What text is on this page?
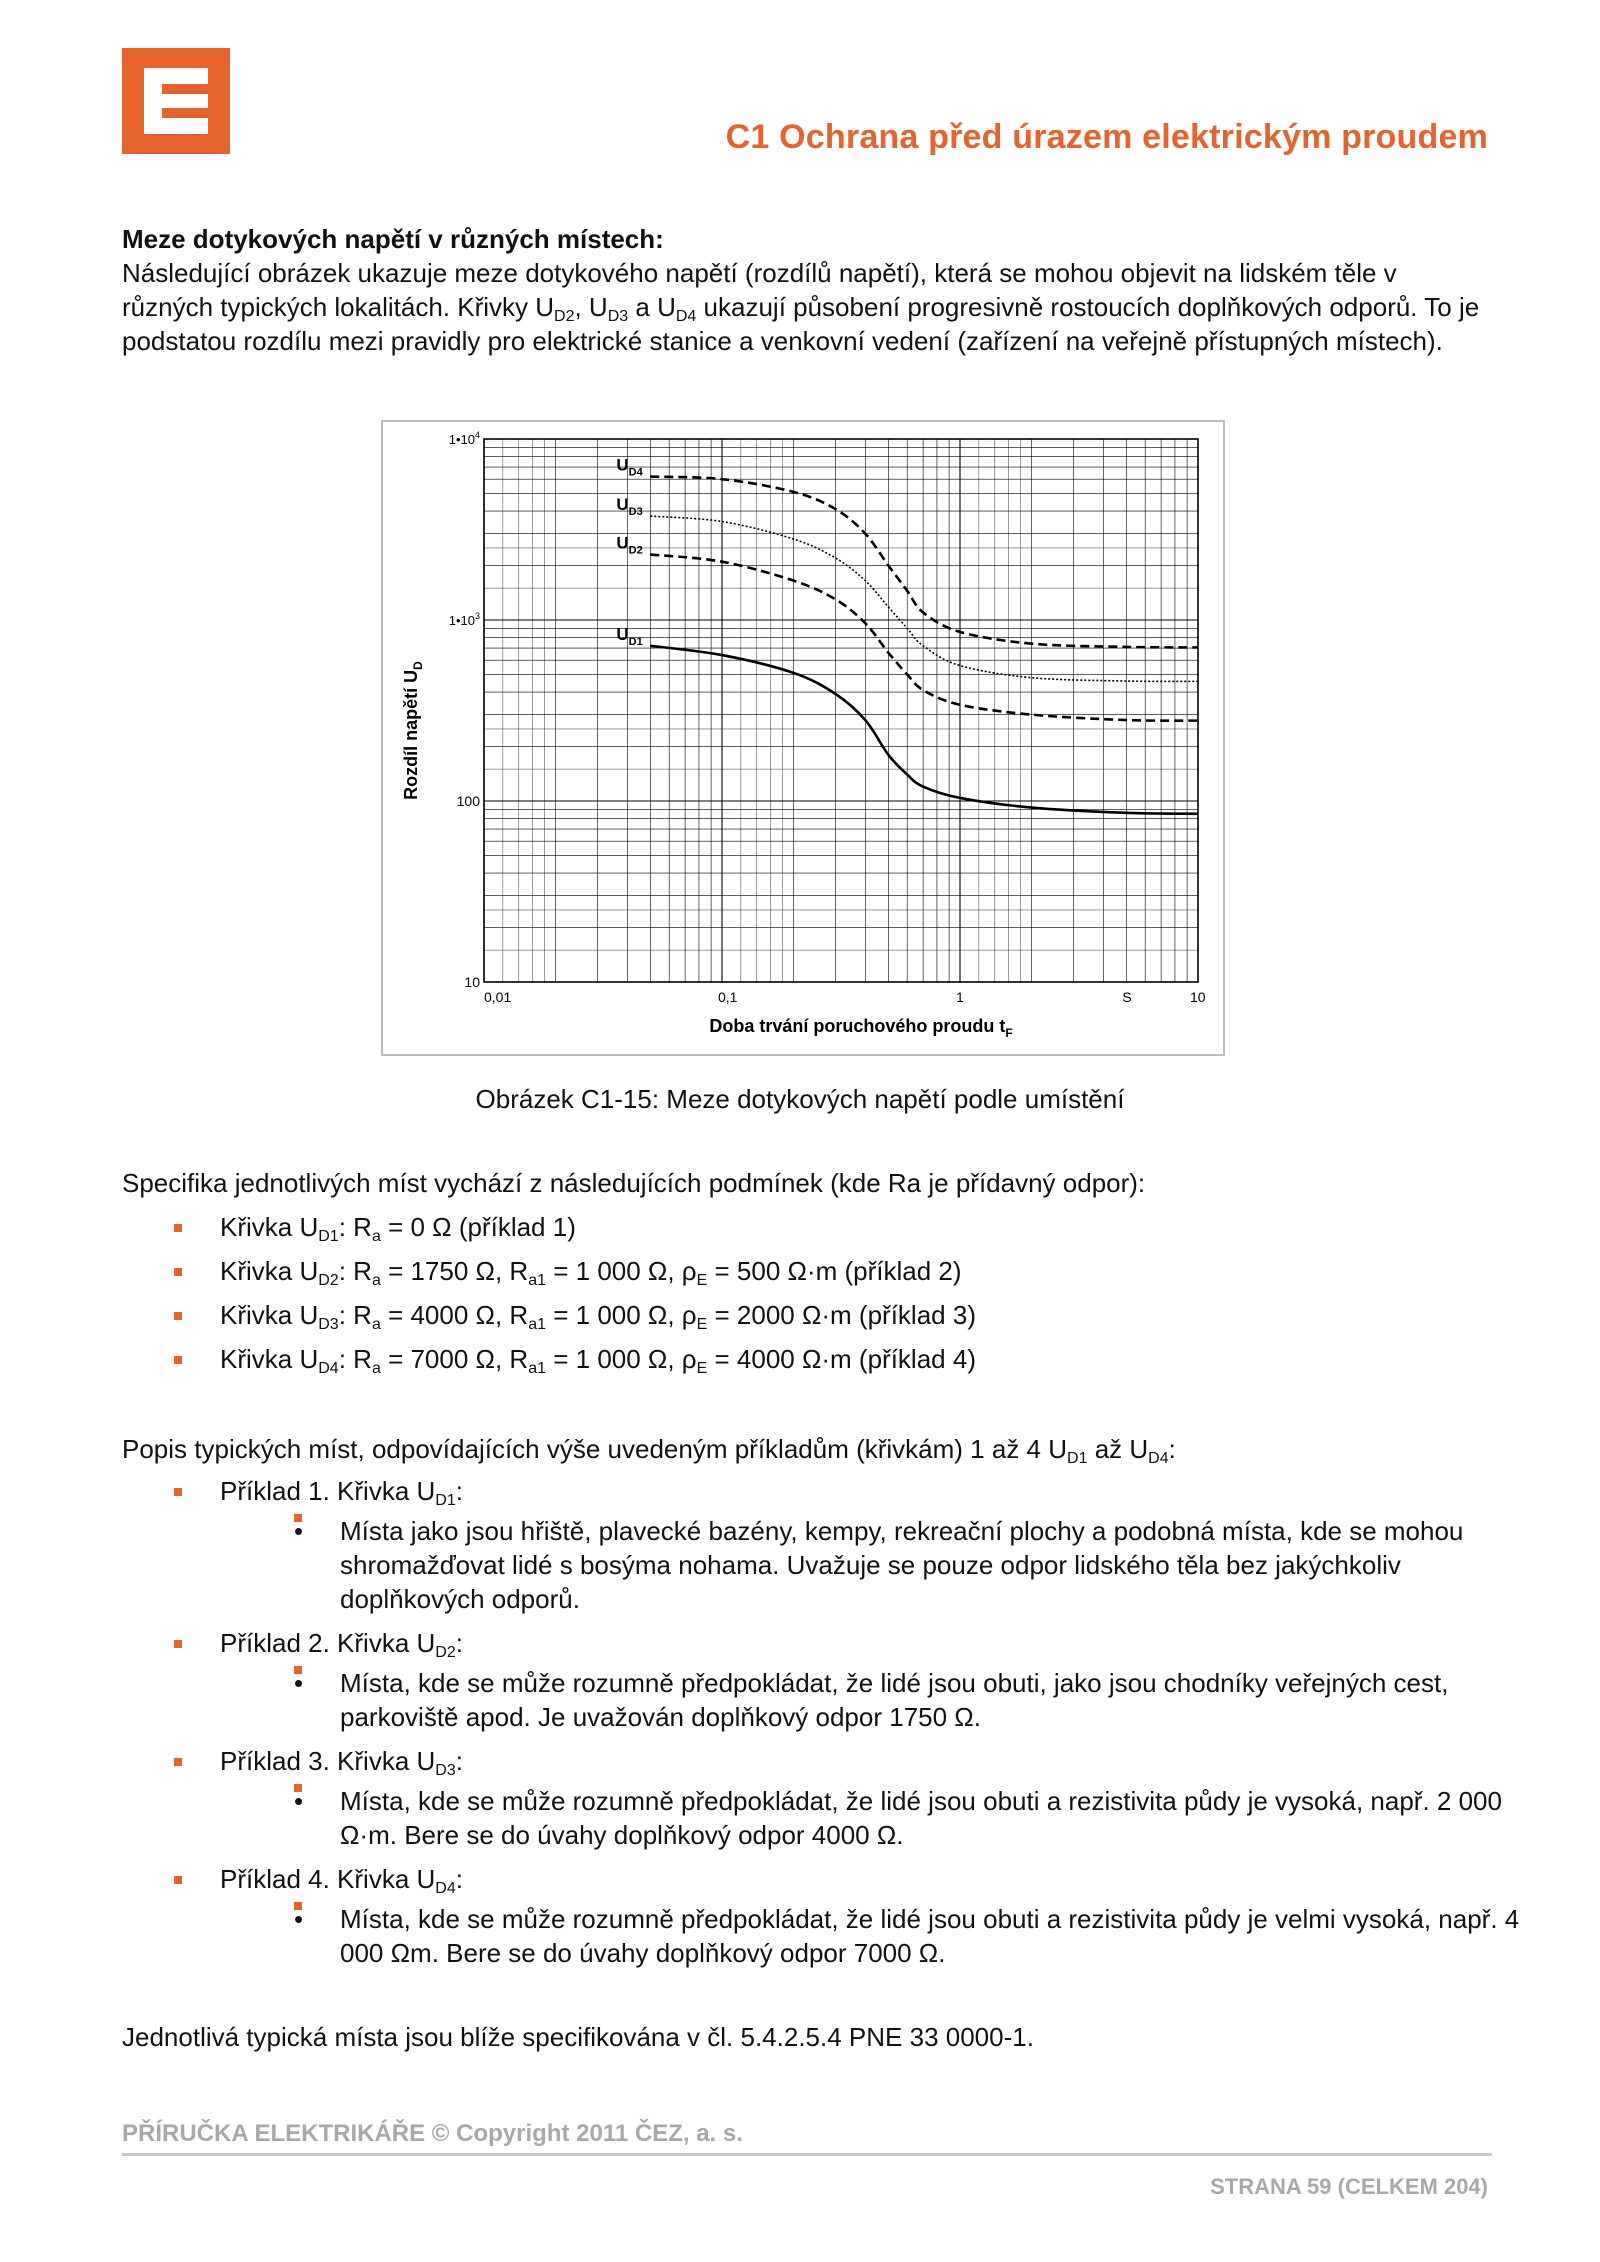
C1 Ochrana před úrazem elektrickým proudem

Meze dotykových napětí v různých místech:

Následující obrázek ukazuje meze dotykového napětí (rozdílů napětí), která se mohou objevit na lidském těle v různých typických lokalitách. Křivky $U_{D2}$, $U_{D3}$ a $U_{D4}$ ukazují působení progresivně rostoucích doplňkových odporů. To je podstatou rozdílu mezi pravidly pro elektrické stanice a venkovní vedení (zařízení na veřejně přístupných místech).

$U_{D1}$
$U_{D2}$
$U_{D3}$
$U_{D4}$
0,01	0,1	1	10
S
$1•10^4$
$1•10^3$
100
10
Doba trvání poruchového proudu $t_F$
Rozdíl napětí $U_D$
Obrázek C1-15: Meze dotykových napětí podle umístění

Specifika jednotlivých míst vychází z následujících podmínek (kde Ra je přídavný odpor):

Křivka $U_{D1}$: $R_a = 0$ Ω (příklad 1)
Křivka $U_{D2}$: $R_a = 1750$ Ω, $R_{a1} = 1$ 000 Ω, $\rho_E = 500$ Ω·m (příklad 2)
Křivka $U_{D3}$: $R_a = 4000$ Ω, $R_{a1} = 1$ 000 Ω, $\rho_E = 2000$ Ω·m (příklad 3)
Křivka $U_{D4}$: $R_a = 7000$ Ω, $R_{a1} = 1$ 000 Ω, $\rho_E = 4000$ Ω·m (příklad 4)

Popis typických míst, odpovídajících výše uvedeným příkladům (křivkám) 1 až 4 $U_{D1}$ až $U_{D4}$:

Příklad 1. Křivka $U_{D1}$:
• Místa jako jsou hřiště, plavecké bazény, kempy, rekreační plochy a podobná místa, kde se mohou shromažďovat lidé s bosýma nohama. Uvažuje se pouze odpor lidského těla bez jakýchkoliv doplňkových odporů.
Příklad 2. Křivka $U_{D2}$:
• Místa, kde se může rozumně předpokládat, že lidé jsou obuti, jako jsou chodníky veřejných cest, parkoviště apod. Je uvažován doplňkový odpor 1750 Ω.
Příklad 3. Křivka $U_{D3}$:
• Místa, kde se může rozumně předpokládat, že lidé jsou obuti a rezistivita půdy je vysoká, např. 2 000 Ω·m. Bere se do úvahy doplňkový odpor 4000 Ω.
Příklad 4. Křivka $U_{D4}$:
• Místa, kde se může rozumně předpokládat, že lidé jsou obuti a rezistivita půdy je velmi vysoká, např. 4 000 Ωm. Bere se do úvahy doplňkový odpor 7000 Ω.

Jednotlivá typická místa jsou blíže specifikována v čl. 5.4.2.5.4 PNE 33 0000-1.

PŘÍRUČKA ELEKTRIKÁŘE © Copyright 2011 ČEZ, a. s.
STRANA 59 (CELKEM 204)
